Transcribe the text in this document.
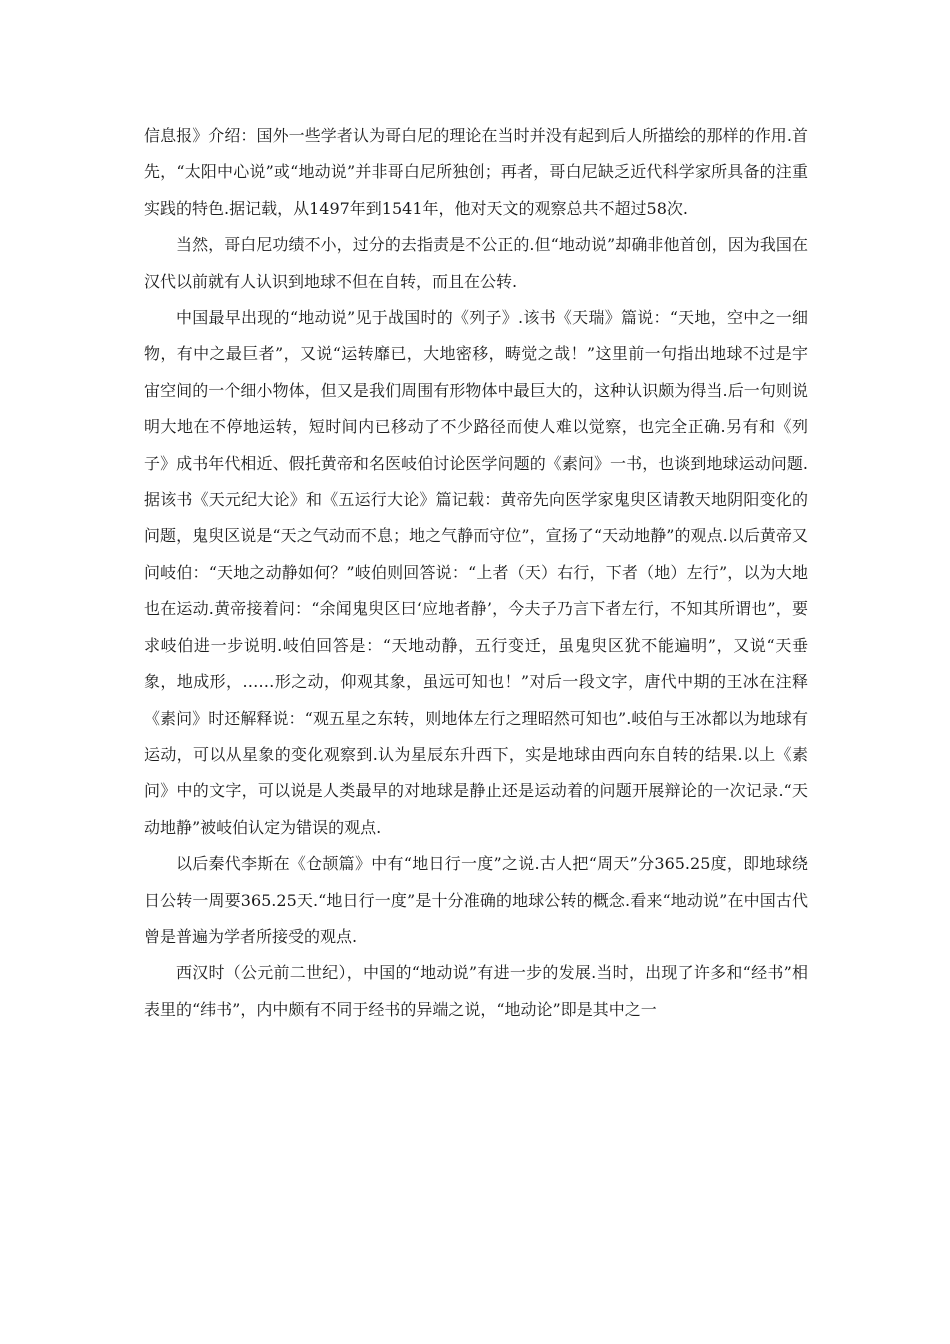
信息报》介绍：国外一些学者认为哥白尼的理论在当时并没有起到后人所描绘的那样的作用.首先，“太阳中心说”或“地动说”并非哥白尼所独创；再者，哥白尼缺乏近代科学家所具备的注重实践的特色.据记载，从1497年到1541年，他对天文的观察总共不超过58次.

当然，哥白尼功绩不小，过分的去指责是不公正的.但“地动说”却确非他首创，因为我国在汉代以前就有人认识到地球不但在自转，而且在公转.

中国最早出现的“地动说”见于战国时的《列子》.该书《天瑞》篇说：“天地，空中之一细物，有中之最巨者”，又说“运转靡已，大地密移，畴觉之哉！”这里前一句指出地球不过是宇宙空间的一个细小物体，但又是我们周围有形物体中最巨大的，这种认识颇为得当.后一句则说明大地在不停地运转，短时间内已移动了不少路径而使人难以觉察，也完全正确.另有和《列子》成书年代相近、假托黄帝和名医岐伯讨论医学问题的《素问》一书，也谈到地球运动问题.据该书《天元纪大论》和《五运行大论》篇记载：黄帝先向医学家鬼臾区请教天地阴阳变化的问题，鬼臾区说是“天之气动而不息；地之气静而守位”，宣扬了“天动地静”的观点.以后黄帝又问岐伯：“天地之动静如何？”岐伯则回答说：“上者（天）右行，下者（地）左行”，以为大地也在运动.黄帝接着问：“余闻鬼臾区曰‘应地者静’，今夫子乃言下者左行，不知其所谓也”，要求岐伯进一步说明.岐伯回答是：“天地动静，五行变迁，虽鬼臾区犹不能遍明”，又说“天垂象，地成形，……形之动，仰观其象，虽远可知也！”对后一段文字，唐代中期的王冰在注释《素问》时还解释说：“观五星之东转，则地体左行之理昭然可知也”.岐伯与王冰都以为地球有运动，可以从星象的变化观察到.认为星辰东升西下，实是地球由西向东自转的结果.以上《素问》中的文字，可以说是人类最早的对地球是静止还是运动着的问题开展辩论的一次记录.“天动地静”被岐伯认定为错误的观点.

以后秦代李斯在《仓颉篇》中有“地日行一度”之说.古人把“周天”分365.25度，即地球绕日公转一周要365.25天.“地日行一度”是十分准确的地球公转的概念.看来“地动说”在中国古代曾是普遍为学者所接受的观点.

西汉时（公元前二世纪），中国的“地动说”有进一步的发展.当时，出现了许多和“经书”相表里的“纬书”，内中颇有不同于经书的异端之说，“地动论”即是其中之一
